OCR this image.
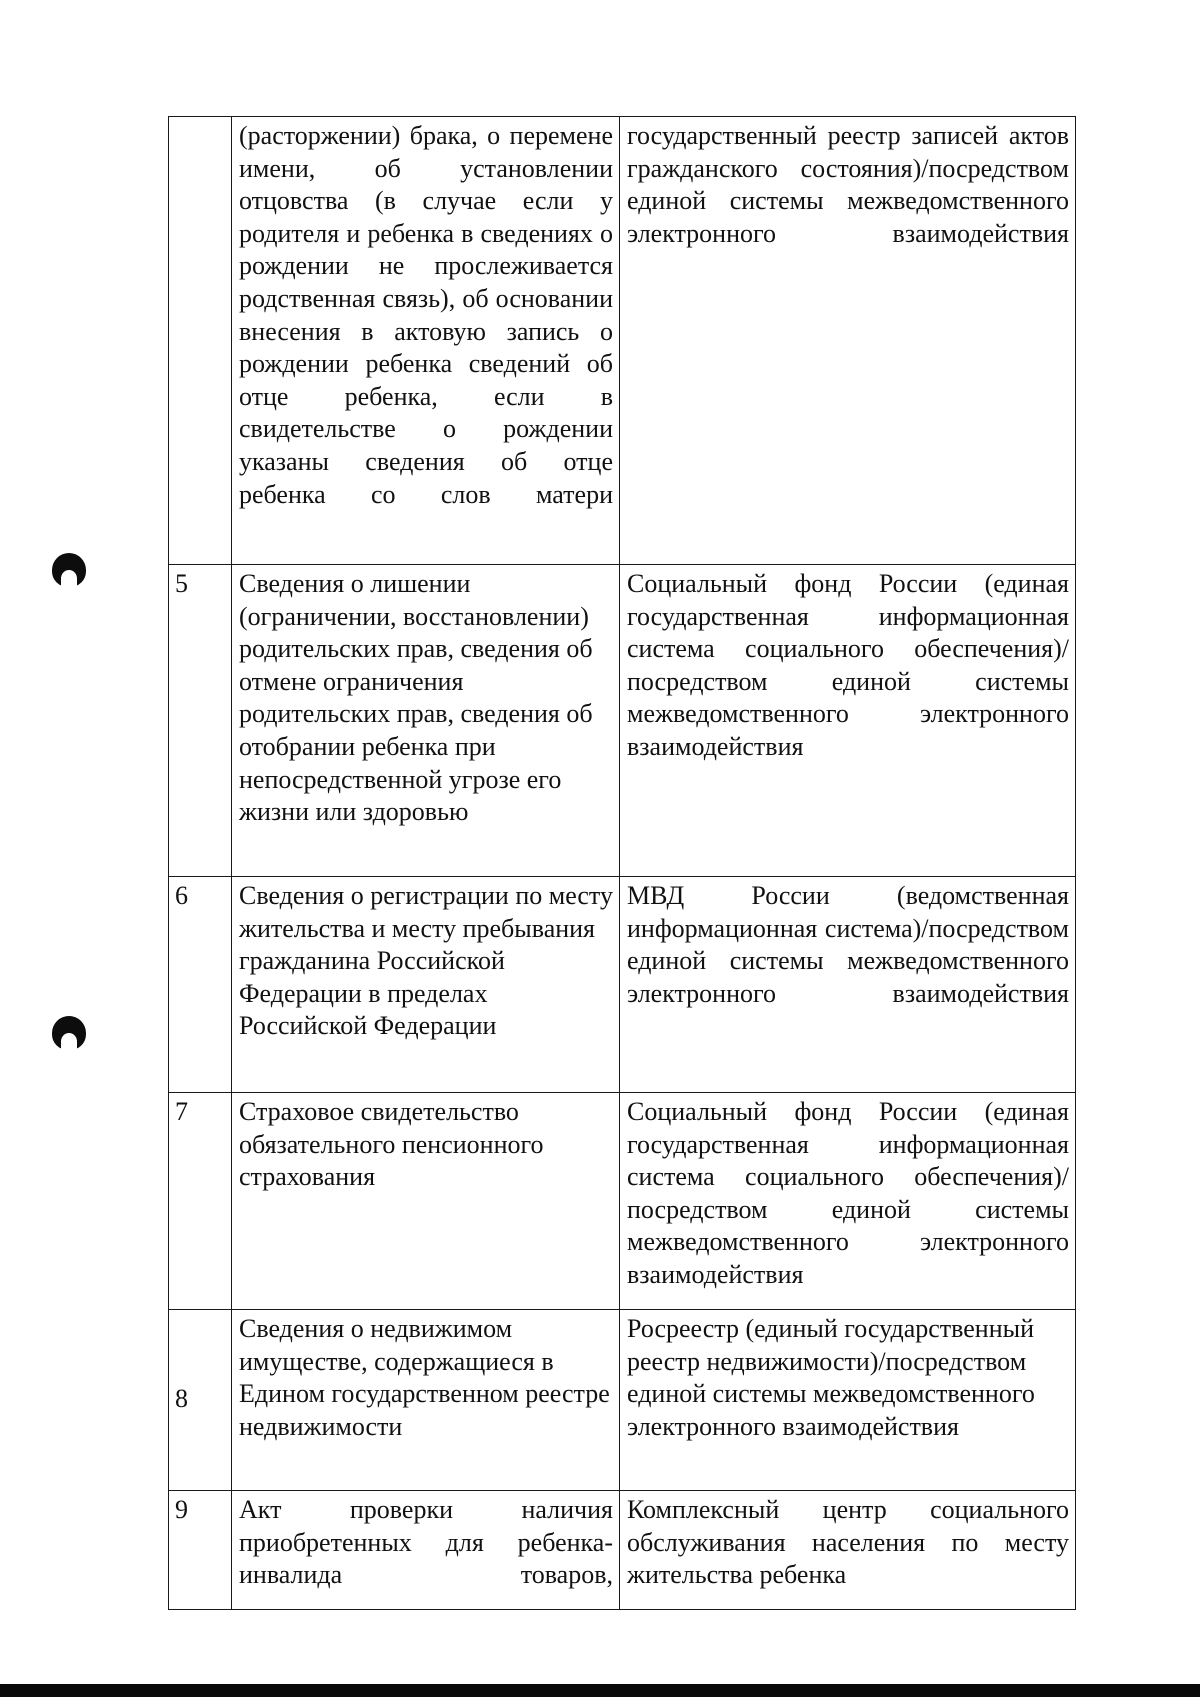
	(расторжении) брака, о перемене имени, об установлении отцовства (в случае если у родителя и ребенка в сведениях о рождении не прослеживается родственная связь), об основании внесения в актовую запись о рождении ребенка сведений об отце ребенка, если в свидетельстве о рождении указаны сведения об отце ребенка со слов матери	государственный реестр записей актов гражданского состояния)/посредством единой системы межведомственного электронного взаимодействия
5	Сведения о лишении (ограничении, восстановлении) родительских прав, сведения об отмене ограничения родительских прав, сведения об отобрании ребенка при непосредственной угрозе его жизни или здоровью	Социальный фонд России (единая государственная информационная система социального обеспечения)/посредством единой системы межведомственного электронного взаимодействия
6	Сведения о регистрации по месту жительства и месту пребывания гражданина Российской Федерации в пределах Российской Федерации	МВД России (ведомственная информационная система)/посредством единой системы межведомственного электронного взаимодействия
7	Страховое свидетельство обязательного пенсионного страхования	Социальный фонд России (единая государственная информационная система социального обеспечения)/посредством единой системы межведомственного электронного взаимодействия
8	Сведения о недвижимом имуществе, содержащиеся в Едином государственном реестре недвижимости	Росреестр (единый государственный реестр недвижимости)/посредством единой системы межведомственного электронного взаимодействия
9	Акт проверки наличия приобретенных для ребенка-инвалида товаров,	Комплексный центр социального обслуживания населения по месту жительства ребенка
